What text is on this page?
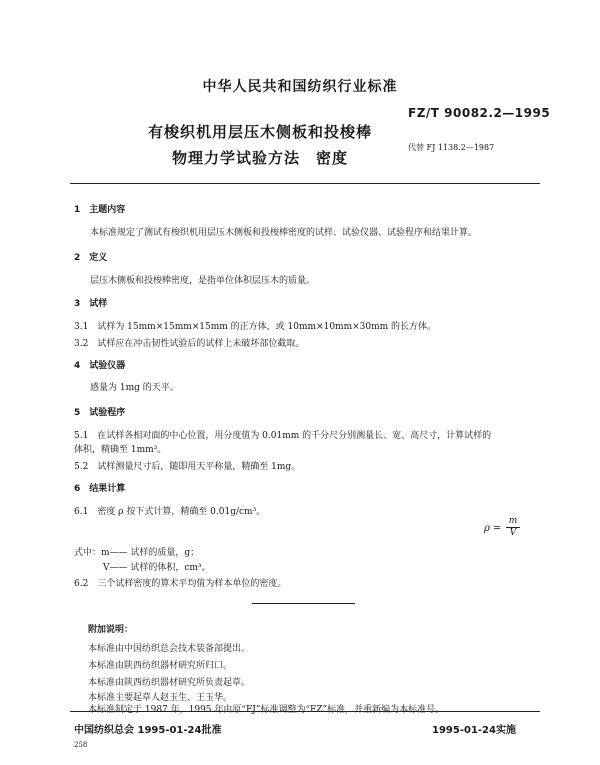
中华人民共和国纺织行业标准
FZ/T 90082.2—1995
有梭织机用层压木侧板和投梭棒
物理力学试验方法　密度
代替 FJ 1138.2—1987
1　主题内容
本标准规定了测试有梭织机用层压木侧板和投梭棒密度的试样、试验仪器、试验程序和结果计算。
2　定义
层压木侧板和投梭棒密度，是指单位体积层压木的质量。
3　试样
3.1　试样为 15mm×15mm×15mm 的正方体，或 10mm×10mm×30mm 的长方体。
3.2　试样应在冲击韧性试验后的试样上未破坏部位截取。
4　试验仪器
感量为 1mg 的天平。
5　试验程序
5.1　在试样各相对面的中心位置，用分度值为 0.01mm 的千分尺分别测量长、宽、高尺寸，计算试样的
体积，精确至 1mm³。
5.2　试样测量尺寸后，随即用天平称量，精确至 1mg。
6　结果计算
6.1　密度 ρ 按下式计算，精确至 0.01g/cm³。
$\rho = \frac{m}{V}$
式中：m—— 试样的质量，g；
V—— 试样的体积，cm³。
6.2　三个试样密度的算术平均值为样本单位的密度。
附加说明：
本标准由中国纺织总会技术装备部提出。
本标准由陕西纺织器材研究所归口。
本标准由陕西纺织器材研究所负责起草。
本标准主要起草人赵玉生、王玉华。
本标准制定于 1987 年，1995 年由原“FJ”标准调整为“FZ”标准，并重新编为本标准号。
中国纺织总会 1995-01-24批准	1995-01-24实施
258
